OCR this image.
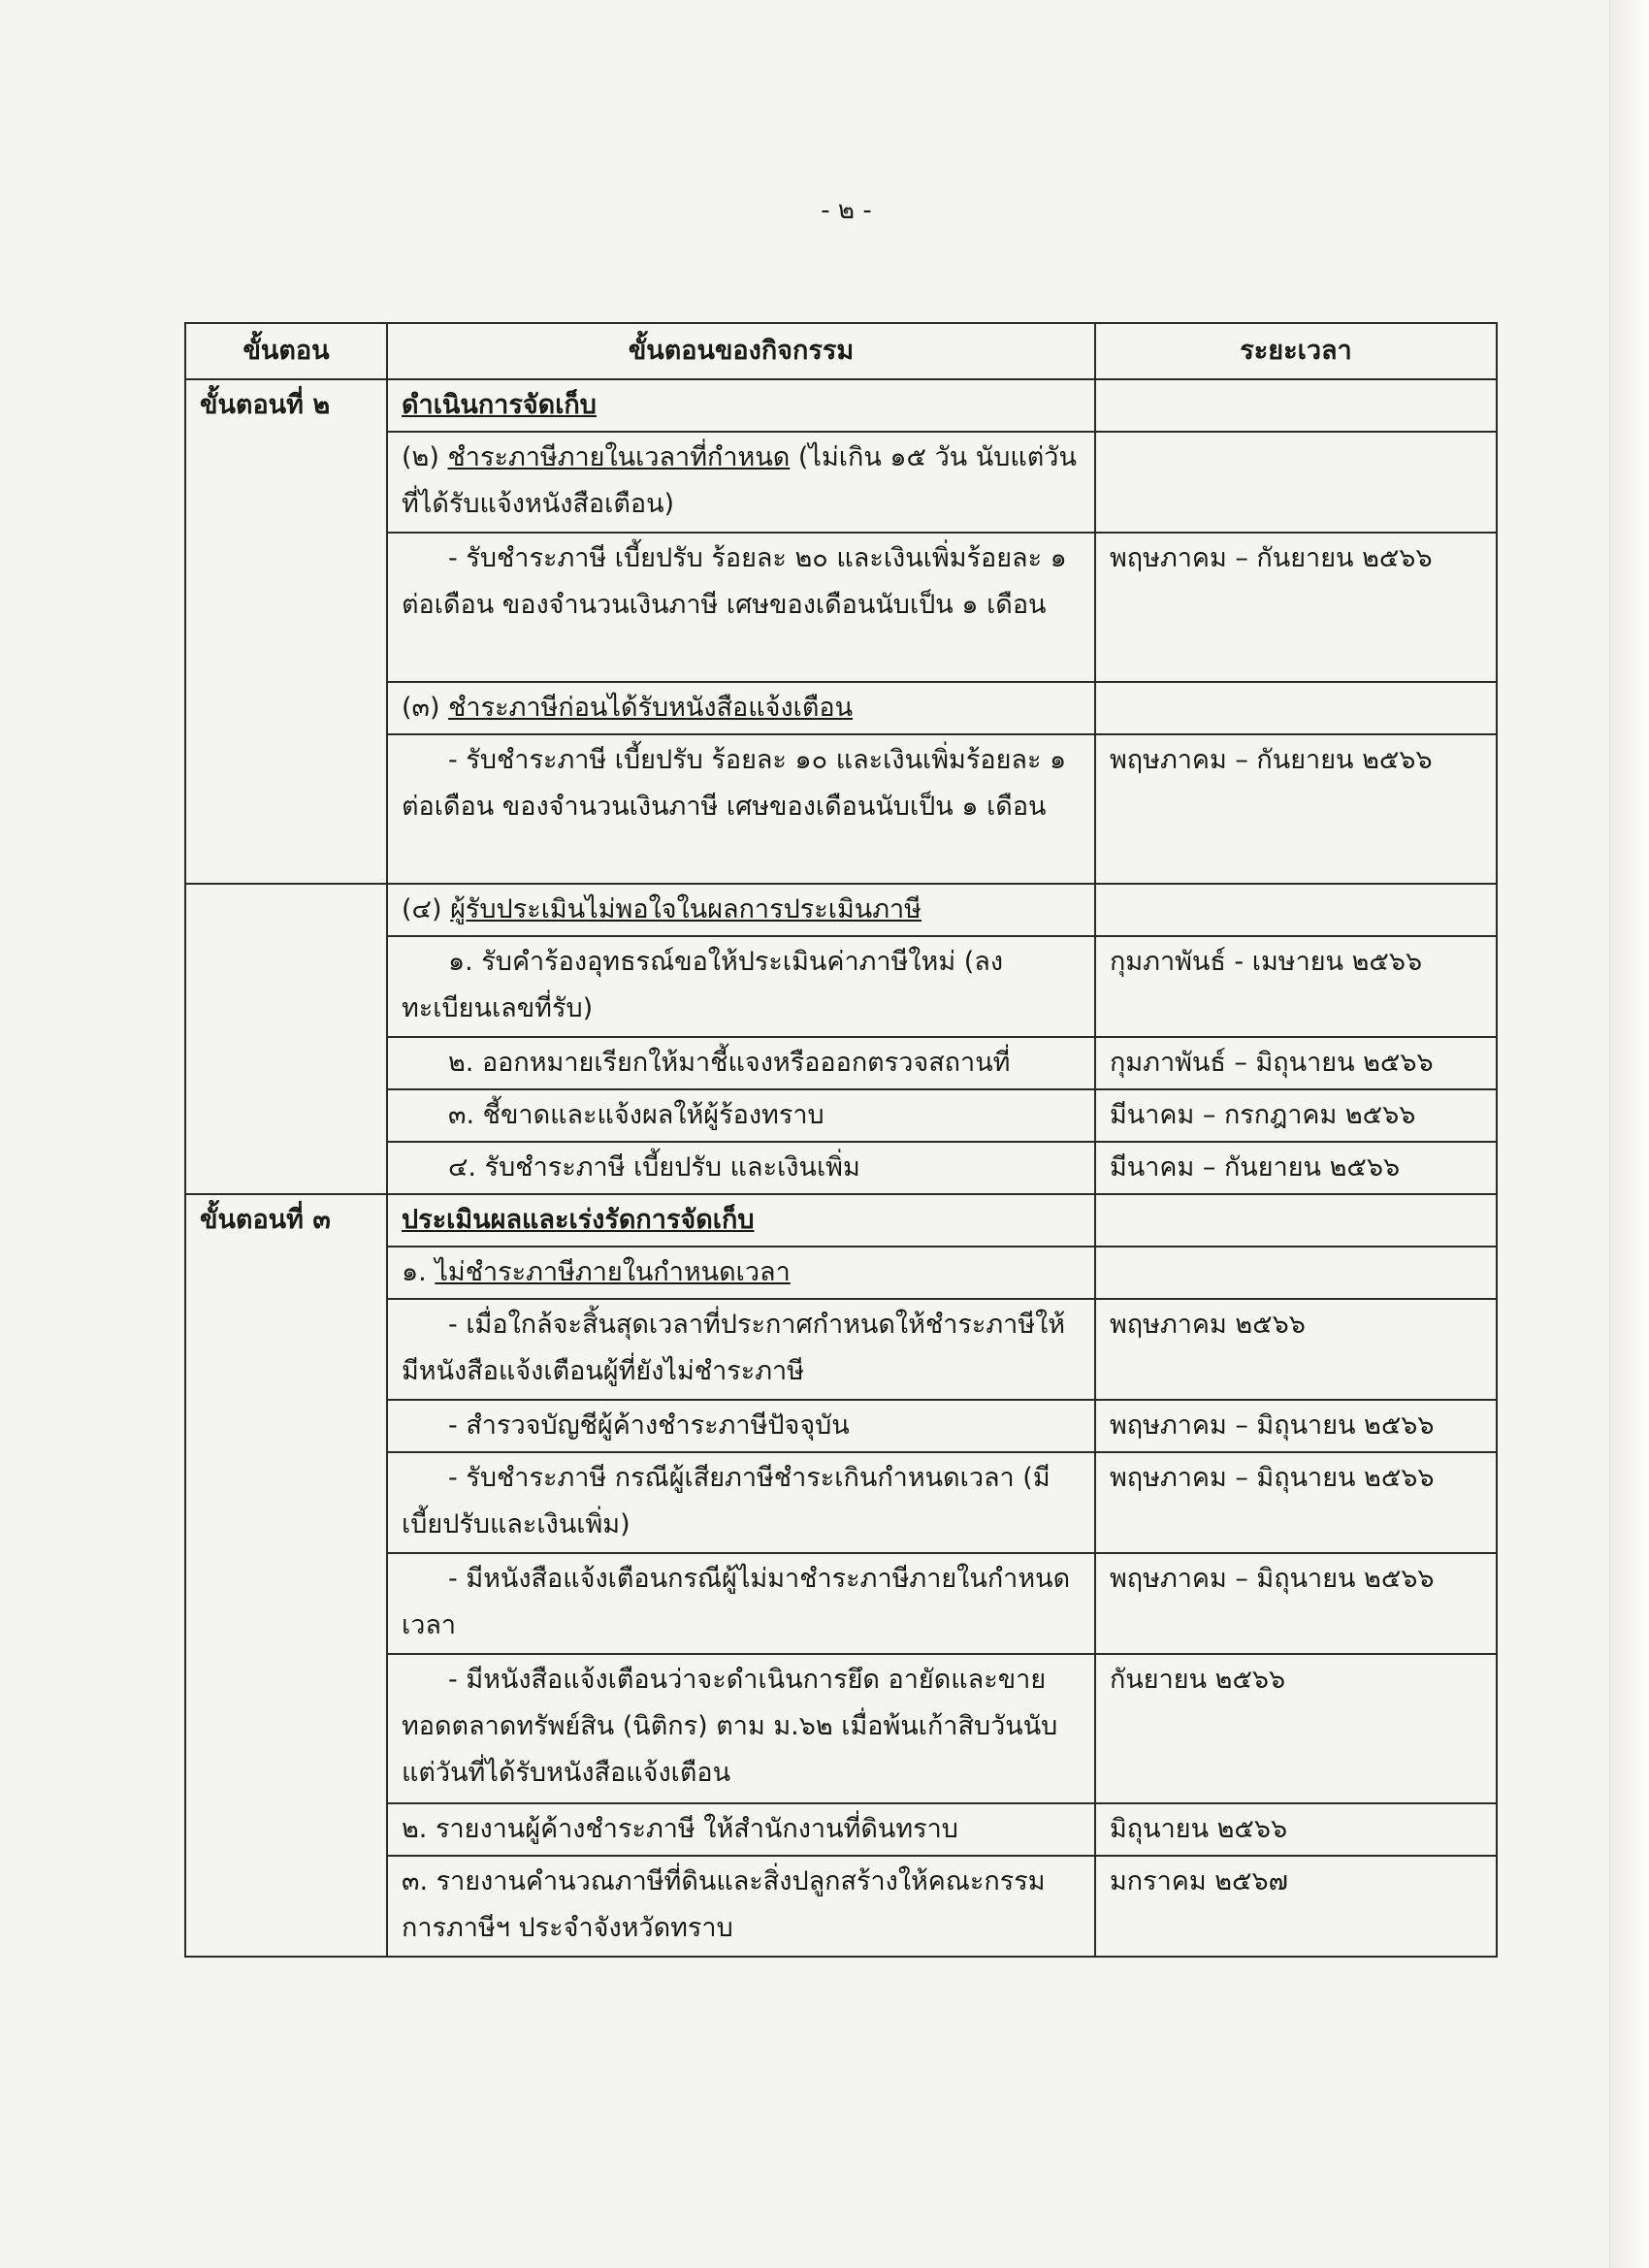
- ๒ -
ขั้นตอน	ขั้นตอนของกิจกรรม	ระยะเวลา
ขั้นตอนที่ ๒	ดำเนินการจัดเก็บ	
	(๒) ชำระภาษีภายในเวลาที่กำหนด (ไม่เกิน ๑๕ วัน นับแต่วันที่ได้รับแจ้งหนังสือเตือน)	
	- รับชำระภาษี เบี้ยปรับ ร้อยละ ๒๐ และเงินเพิ่มร้อยละ ๑ ต่อเดือน ของจำนวนเงินภาษี เศษของเดือนนับเป็น ๑ เดือน	พฤษภาคม – กันยายน ๒๕๖๖
	(๓) ชำระภาษีก่อนได้รับหนังสือแจ้งเตือน	
	- รับชำระภาษี เบี้ยปรับ ร้อยละ ๑๐ และเงินเพิ่มร้อยละ ๑ ต่อเดือน ของจำนวนเงินภาษี เศษของเดือนนับเป็น ๑ เดือน	พฤษภาคม – กันยายน ๒๕๖๖
	(๔) ผู้รับประเมินไม่พอใจในผลการประเมินภาษี	
	๑. รับคำร้องอุทธรณ์ขอให้ประเมินค่าภาษีใหม่ (ลงทะเบียนเลขที่รับ)	กุมภาพันธ์ - เมษายน ๒๕๖๖
	๒. ออกหมายเรียกให้มาชี้แจงหรือออกตรวจสถานที่	กุมภาพันธ์ – มิถุนายน ๒๕๖๖
	๓. ชี้ขาดและแจ้งผลให้ผู้ร้องทราบ	มีนาคม – กรกฎาคม ๒๕๖๖
	๔. รับชำระภาษี เบี้ยปรับ และเงินเพิ่ม	มีนาคม – กันยายน ๒๕๖๖
ขั้นตอนที่ ๓	ประเมินผลและเร่งรัดการจัดเก็บ	
	๑. ไม่ชำระภาษีภายในกำหนดเวลา	
	- เมื่อใกล้จะสิ้นสุดเวลาที่ประกาศกำหนดให้ชำระภาษีให้มีหนังสือแจ้งเตือนผู้ที่ยังไม่ชำระภาษี	พฤษภาคม ๒๕๖๖
	- สำรวจบัญชีผู้ค้างชำระภาษีปัจจุบัน	พฤษภาคม – มิถุนายน ๒๕๖๖
	- รับชำระภาษี กรณีผู้เสียภาษีชำระเกินกำหนดเวลา (มีเบี้ยปรับและเงินเพิ่ม)	พฤษภาคม – มิถุนายน ๒๕๖๖
	- มีหนังสือแจ้งเตือนกรณีผู้ไม่มาชำระภาษีภายในกำหนดเวลา	พฤษภาคม – มิถุนายน ๒๕๖๖
	- มีหนังสือแจ้งเตือนว่าจะดำเนินการยึด อายัดและขายทอดตลาดทรัพย์สิน (นิติกร) ตาม ม.๖๒ เมื่อพ้นเก้าสิบวันนับแต่วันที่ได้รับหนังสือแจ้งเตือน	กันยายน ๒๕๖๖
	๒. รายงานผู้ค้างชำระภาษี ให้สำนักงานที่ดินทราบ	มิถุนายน ๒๕๖๖
	๓. รายงานคำนวณภาษีที่ดินและสิ่งปลูกสร้างให้คณะกรรมการภาษีฯ ประจำจังหวัดทราบ	มกราคม ๒๕๖๗
